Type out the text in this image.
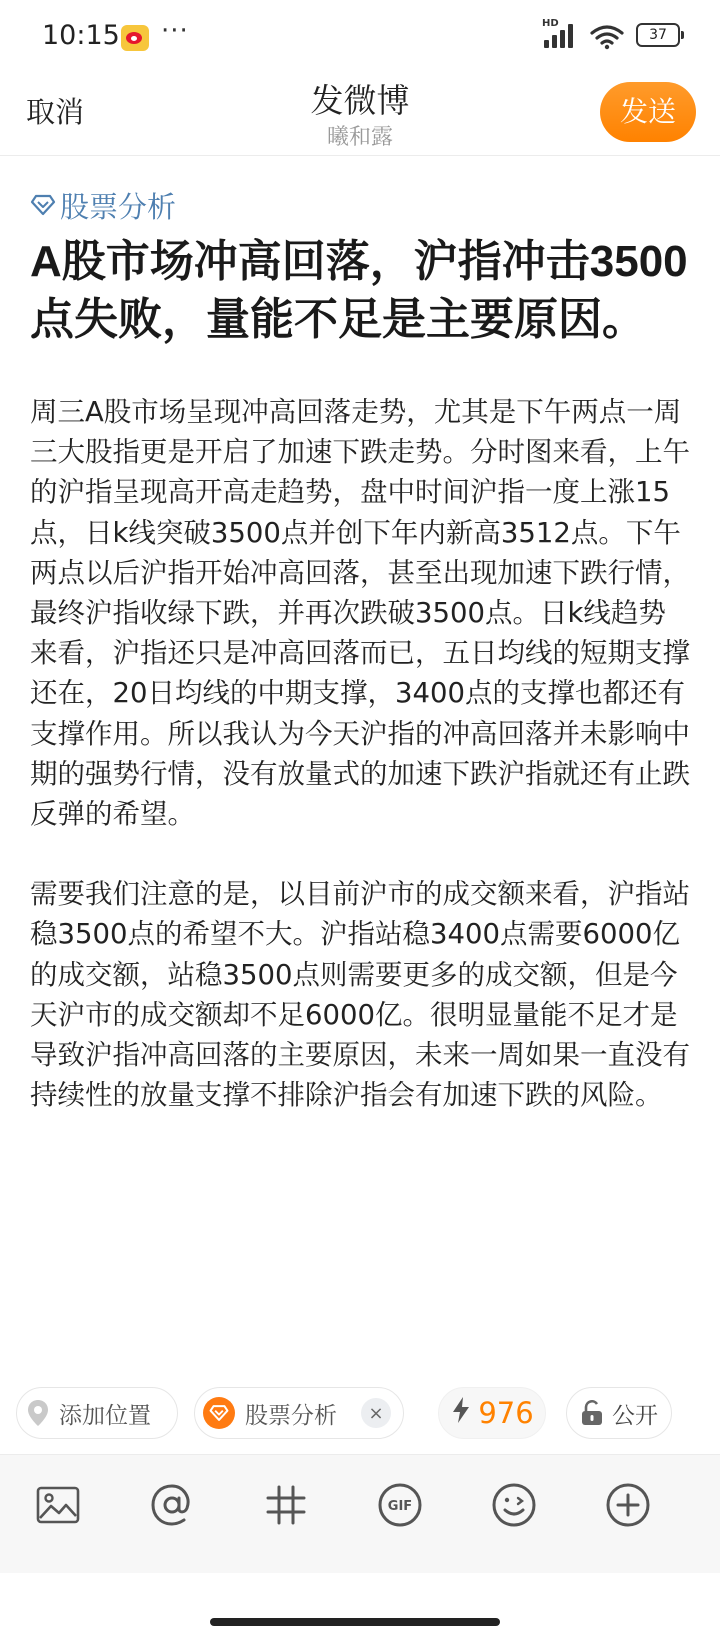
10:15 ···	HD
37
取消	发微博
曦和露
发送
股票分析
A股市场冲高回落，沪指冲击3500点失败，量能不足是主要原因。
周三A股市场呈现冲高回落走势，尤其是下午两点一周三大股指更是开启了加速下跌走势。分时图来看，上午的沪指呈现高开高走趋势，盘中时间沪指一度上涨15点，日k线突破3500点并创下年内新高3512点。下午两点以后沪指开始冲高回落，甚至出现加速下跌行情，最终沪指收绿下跌，并再次跌破3500点。日k线趋势来看，沪指还只是冲高回落而已，五日均线的短期支撑还在，20日均线的中期支撑，3400点的支撑也都还有支撑作用。所以我认为今天沪指的冲高回落并未影响中期的强势行情，没有放量式的加速下跌沪指就还有止跌反弹的希望。
需要我们注意的是，以目前沪市的成交额来看，沪指站稳3500点的希望不大。沪指站稳3400点需要6000亿的成交额，站稳3500点则需要更多的成交额，但是今天沪市的成交额却不足6000亿。很明显量能不足才是导致沪指冲高回落的主要原因，未来一周如果一直没有持续性的放量支撑不排除沪指会有加速下跌的风险。
添加位置	股票分析	×	976	公开
GIF
